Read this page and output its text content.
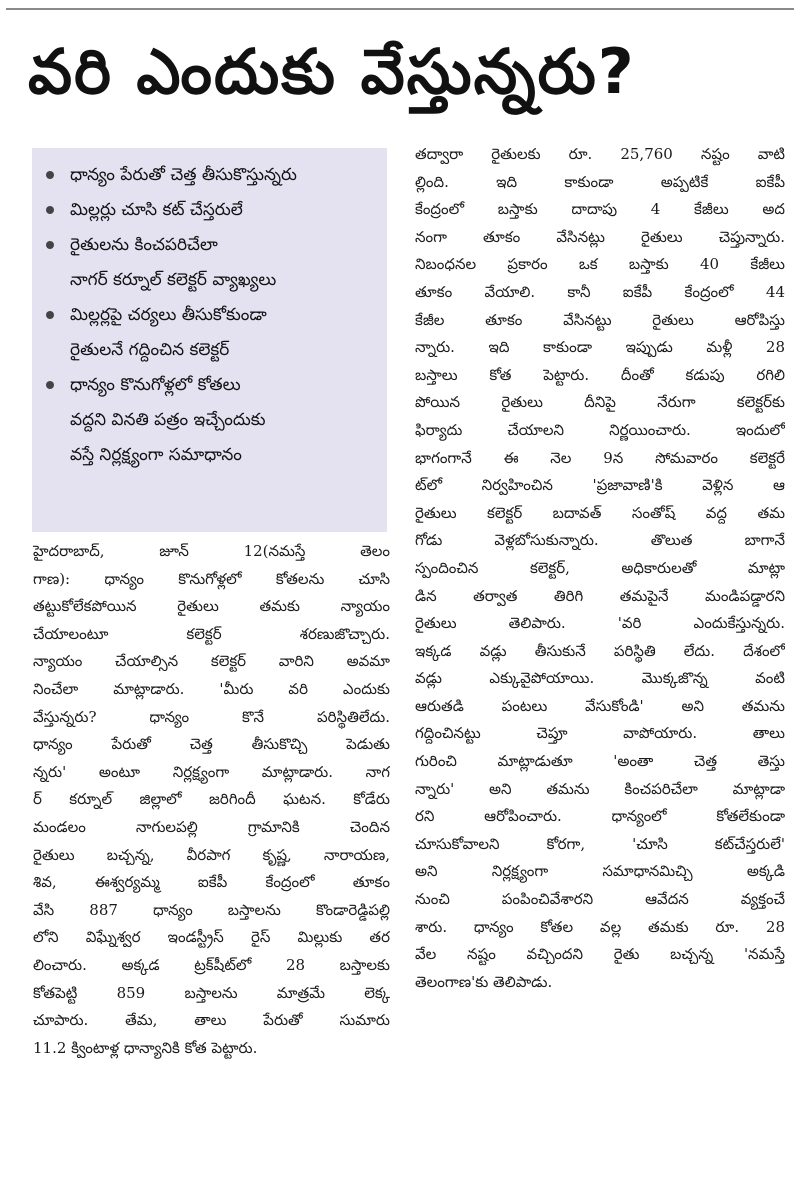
వరి ఎందుకు వేస్తున్నరు?
ధాన్యం పేరుతో చెత్త తీసుకొస్తున్నరు
మిల్లర్లు చూసి కట్ చేస్తరులే
రైతులను కించపరిచేలా
నాగర్ కర్నూల్ కలెక్టర్ వ్యాఖ్యలు
మిల్లర్లపై చర్యలు తీసుకోకుండా
రైతులనే గద్దించిన కలెక్టర్
ధాన్యం కొనుగోళ్లలో కోతలు
వద్దని వినతి పత్రం ఇచ్చేందుకు
వస్తే నిర్లక్ష్యంగా సమాధానం
హైదరాబాద్, జూన్ 12(నమస్తే తెలం
గాణ): ధాన్యం కొనుగోళ్లలో కోతలను చూసి
తట్టుకోలేకపోయిన రైతులు తమకు న్యాయం
చేయాలంటూ కలెక్టర్ శరణుజొచ్చారు.
న్యాయం చేయాల్సిన కలెక్టర్ వారిని అవమా
నించేలా మాట్లాడారు. 'మీరు వరి ఎందుకు
వేస్తున్నరు? ధాన్యం కొనే పరిస్థితిలేదు.
ధాన్యం పేరుతో చెత్త తీసుకొచ్చి పెడుతు
న్నరు' అంటూ నిర్లక్ష్యంగా మాట్లాడారు. నాగ
ర్ కర్నూల్ జిల్లాలో జరిగిందీ ఘటన. కోడేరు
మండలం నాగులపల్లి గ్రామానికి చెందిన
రైతులు బచ్చన్న, వీరపాగ కృష్ణ, నారాయణ,
శివ, ఈశ్వర్యమ్మ ఐకేపీ కేంద్రంలో తూకం
వేసి 887 ధాన్యం బస్తాలను కొండారెడ్డిపల్లి
లోని విఘ్నేశ్వర ఇండస్ట్రీస్ రైస్ మిల్లుకు తర
లించారు. అక్కడ ట్రక్‌షీట్‌లో 28 బస్తాలకు
కోతపెట్టి 859 బస్తాలను మాత్రమే లెక్క
చూపారు. తేమ, తాలు పేరుతో సుమారు
11.2 క్వింటాళ్ల ధాన్యానికి కోత పెట్టారు.
తద్వారా రైతులకు రూ. 25,760 నష్టం వాటి
ల్లింది. ఇది కాకుండా అప్పటికే ఐకేపీ
కేంద్రంలో బస్తాకు దాదాపు 4 కేజీలు అద
నంగా తూకం వేసినట్లు రైతులు చెప్తున్నారు.
నిబంధనల ప్రకారం ఒక బస్తాకు 40 కేజీలు
తూకం వేయాలి. కానీ ఐకేపీ కేంద్రంలో 44
కేజీల తూకం వేసినట్టు రైతులు ఆరోపిస్తు
న్నారు. ఇది కాకుండా ఇప్పుడు మళ్లీ 28
బస్తాలు కోత పెట్టారు. దీంతో కడుపు రగిలి
పోయిన రైతులు దీనిపై నేరుగా కలెక్టర్‌కు
ఫిర్యాదు చేయాలని నిర్ణయించారు. ఇందులో
భాగంగానే ఈ నెల 9న సోమవారం కలెక్టరే
ట్‌లో నిర్వహించిన 'ప్రజావాణి'కి వెళ్లిన ఆ
రైతులు కలెక్టర్ బదావత్ సంతోష్ వద్ద తమ
గోడు వెళ్లబోసుకున్నారు. తొలుత బాగానే
స్పందించిన కలెక్టర్, అధికారులతో మాట్లా
డిన తర్వాత తిరిగి తమపైనే మండిపడ్డారని
రైతులు తెలిపారు. 'వరి ఎందుకేస్తున్నరు.
ఇక్కడ వడ్లు తీసుకునే పరిస్థితి లేదు. దేశంలో
వడ్లు ఎక్కువైపోయాయి. మొక్కజొన్న వంటి
ఆరుతడి పంటలు వేసుకోండి' అని తమను
గద్దించినట్టు చెప్తూ వాపోయారు. తాలు
గురించి మాట్లాడుతూ 'అంతా చెత్త తెస్తు
న్నారు' అని తమను కించపరిచేలా మాట్లాడా
రని ఆరోపించారు. ధాన్యంలో కోతలేకుండా
చూసుకోవాలని కోరగా, 'చూసి కట్‌చేస్తరులే'
అని నిర్లక్ష్యంగా సమాధానమిచ్చి అక్కడి
నుంచి పంపించివేశారని ఆవేదన వ్యక్తంచే
శారు. ధాన్యం కోతల వల్ల తమకు రూ. 28
వేల నష్టం వచ్చిందని రైతు బచ్చన్న 'నమస్తే
తెలంగాణ'కు తెలిపాడు.
